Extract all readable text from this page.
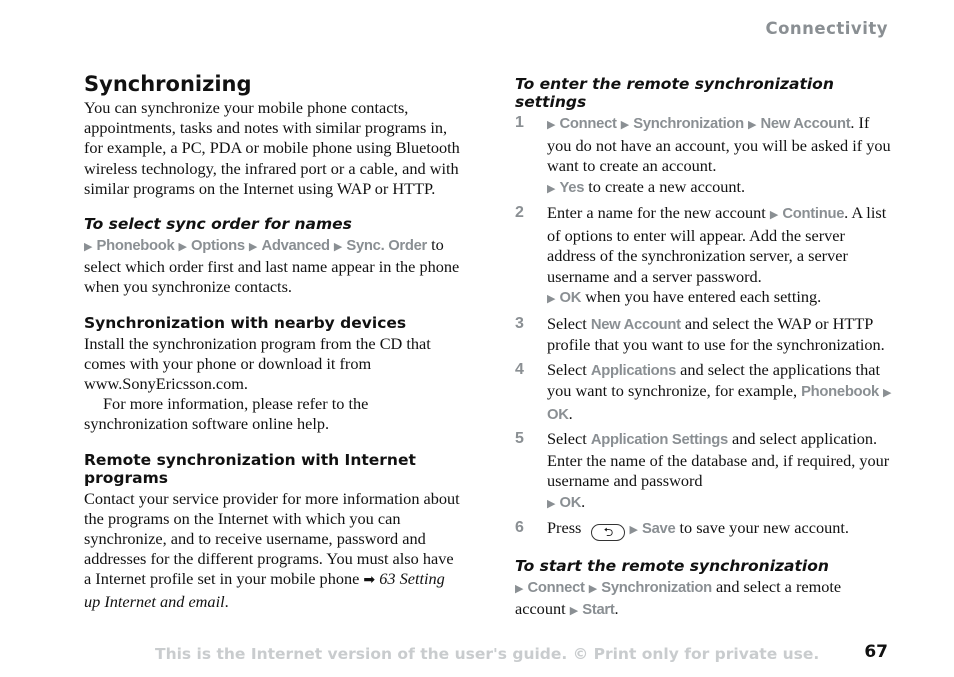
Connectivity
Synchronizing

You can synchronize your mobile phone contacts, appointments, tasks and notes with similar programs in, for example, a PC, PDA or mobile phone using Bluetooth wireless technology, the infrared port or a cable, and with similar programs on the Internet using WAP or HTTP.

To select sync order for names

▶ Phonebook ▶ Options ▶ Advanced ▶ Sync. Order to select which order first and last name appear in the phone when you synchronize contacts.

Synchronization with nearby devices

Install the synchronization program from the CD that comes with your phone or download it from www.SonyEricsson.com.

For more information, please refer to the synchronization software online help.

Remote synchronization with Internet programs

Contact your service provider for more information about the programs on the Internet with which you can synchronize, and to receive username, password and addresses for the different programs. You must also have a Internet profile set in your mobile phone ➡ 63 Setting up Internet and email.

To enter the remote synchronization settings
1 ▶ Connect ▶ Synchronization ▶ New Account. If you do not have an account, you will be asked if you want to create an account.
▶ Yes to create a new account.
2 Enter a name for the new account ▶ Continue. A list of options to enter will appear. Add the server address of the synchronization server, a server username and a server password.
▶ OK when you have entered each setting.
3 Select New Account and select the WAP or HTTP profile that you want to use for the synchronization.
4 Select Applications and select the applications that you want to synchronize, for example, Phonebook ▶ OK.
5 Select Application Settings and select application. Enter the name of the database and, if required, your username and password
▶ OK.
6 Press ⮌ ▶ Save to save your new account.
To start the remote synchronization

▶ Connect ▶ Synchronization and select a remote account ▶ Start.

This is the Internet version of the user's guide. © Print only for private use.	67
